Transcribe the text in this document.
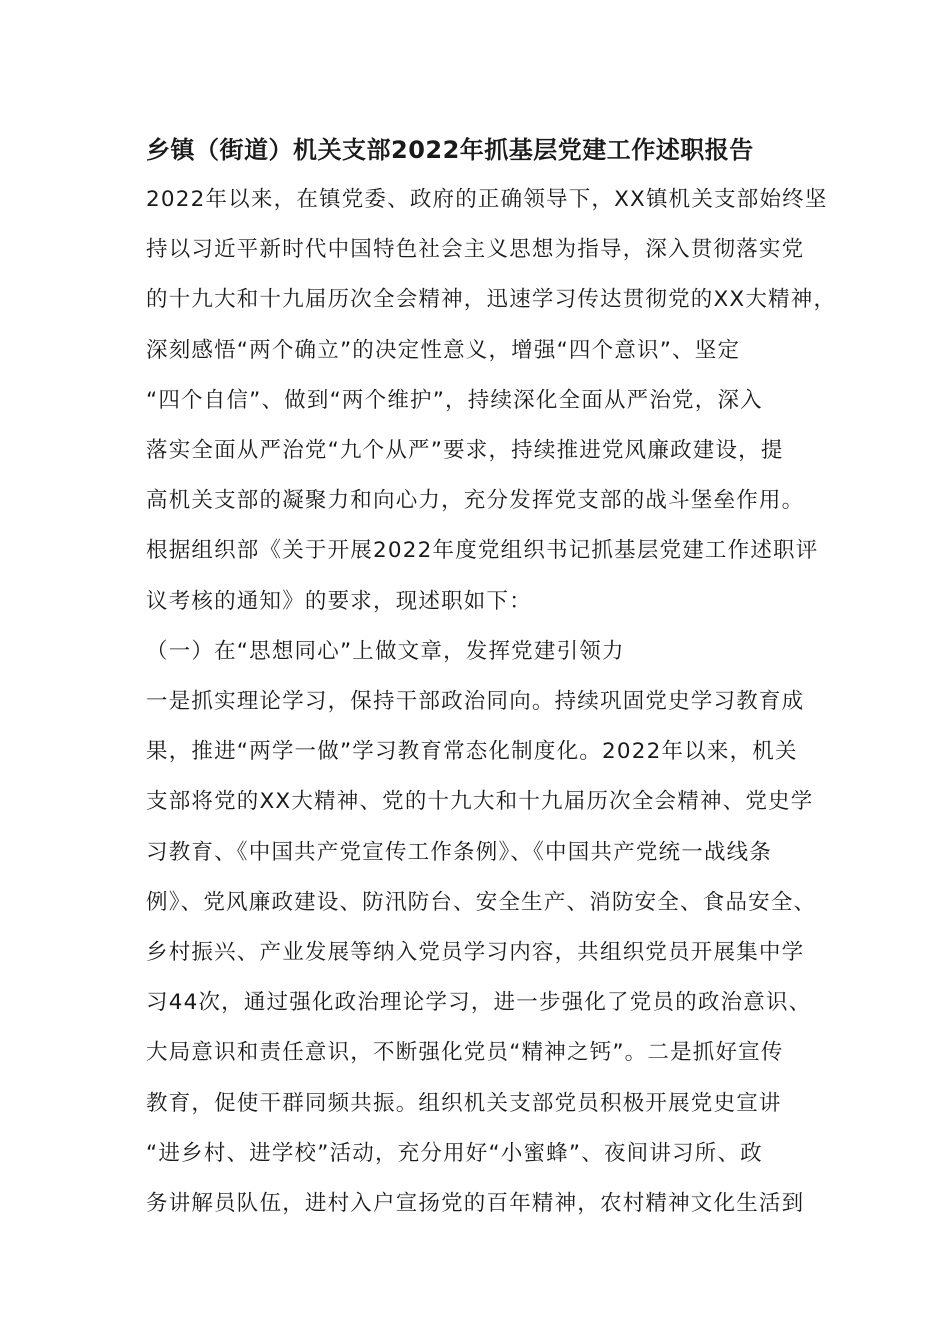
乡镇（街道）机关支部2022年抓基层党建工作述职报告
2022年以来，在镇党委、政府的正确领导下，XX镇机关支部始终坚
持以习近平新时代中国特色社会主义思想为指导，深入贯彻落实党
的十九大和十九届历次全会精神，迅速学习传达贯彻党的XX大精神，
深刻感悟“两个确立”的决定性意义，增强“四个意识”、坚定
“四个自信”、做到“两个维护”，持续深化全面从严治党，深入
落实全面从严治党“九个从严”要求，持续推进党风廉政建设，提
高机关支部的凝聚力和向心力，充分发挥党支部的战斗堡垒作用。
根据组织部《关于开展2022年度党组织书记抓基层党建工作述职评
议考核的通知》的要求，现述职如下：
（一）在“思想同心”上做文章，发挥党建引领力
一是抓实理论学习，保持干部政治同向。持续巩固党史学习教育成
果，推进“两学一做”学习教育常态化制度化。2022年以来，机关
支部将党的XX大精神、党的十九大和十九届历次全会精神、党史学
习教育、《中国共产党宣传工作条例》、《中国共产党统一战线条
例》、党风廉政建设、防汛防台、安全生产、消防安全、食品安全、
乡村振兴、产业发展等纳入党员学习内容，共组织党员开展集中学
习44次，通过强化政治理论学习，进一步强化了党员的政治意识、
大局意识和责任意识，不断强化党员“精神之钙”。二是抓好宣传
教育，促使干群同频共振。组织机关支部党员积极开展党史宣讲
“进乡村、进学校”活动，充分用好“小蜜蜂”、夜间讲习所、政
务讲解员队伍，进村入户宣扬党的百年精神，农村精神文化生活到
